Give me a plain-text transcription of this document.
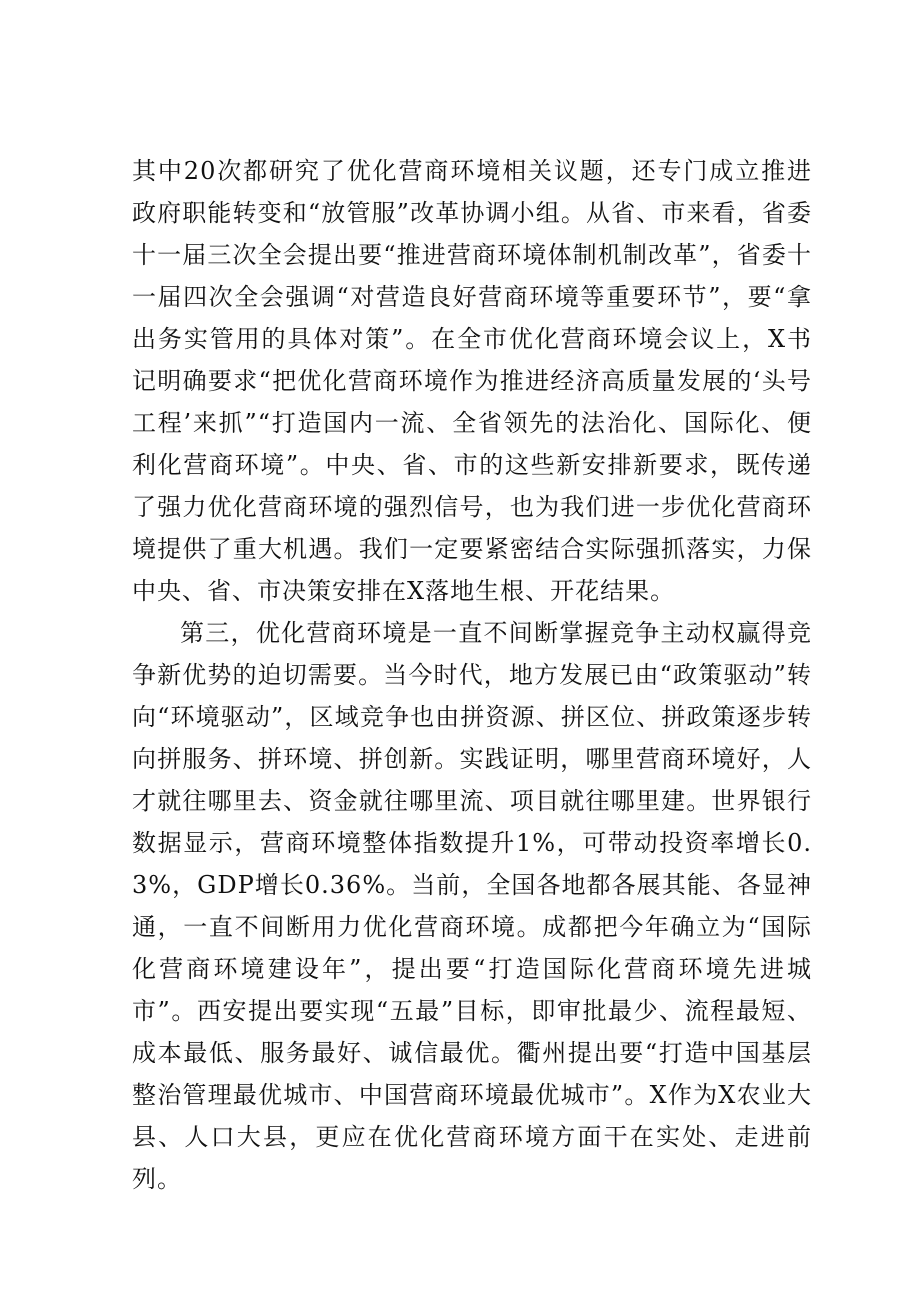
其中20次都研究了优化营商环境相关议题，还专门成立推进政府职能转变和“放管服”改革协调小组。从省、市来看，省委十一届三次全会提出要“推进营商环境体制机制改革”，省委十一届四次全会强调“对营造良好营商环境等重要环节”，要“拿出务实管用的具体对策”。在全市优化营商环境会议上，X书记明确要求“把优化营商环境作为推进经济高质量发展的‘头号工程’来抓”“打造国内一流、全省领先的法治化、国际化、便利化营商环境”。中央、省、市的这些新安排新要求，既传递了强力优化营商环境的强烈信号，也为我们进一步优化营商环境提供了重大机遇。我们一定要紧密结合实际强抓落实，力保中央、省、市决策安排在X落地生根、开花结果。

第三，优化营商环境是一直不间断掌握竞争主动权赢得竞争新优势的迫切需要。当今时代，地方发展已由“政策驱动”转向“环境驱动”，区域竞争也由拼资源、拼区位、拼政策逐步转向拼服务、拼环境、拼创新。实践证明，哪里营商环境好，人才就往哪里去、资金就往哪里流、项目就往哪里建。世界银行数据显示，营商环境整体指数提升1%，可带动投资率增长0.3%，GDP增长0.36%。当前，全国各地都各展其能、各显神通，一直不间断用力优化营商环境。成都把今年确立为“国际化营商环境建设年”，提出要“打造国际化营商环境先进城市”。西安提出要实现“五最”目标，即审批最少、流程最短、成本最低、服务最好、诚信最优。衢州提出要“打造中国基层整治管理最优城市、中国营商环境最优城市”。X作为X农业大县、人口大县，更应在优化营商环境方面干在实处、走进前列。
